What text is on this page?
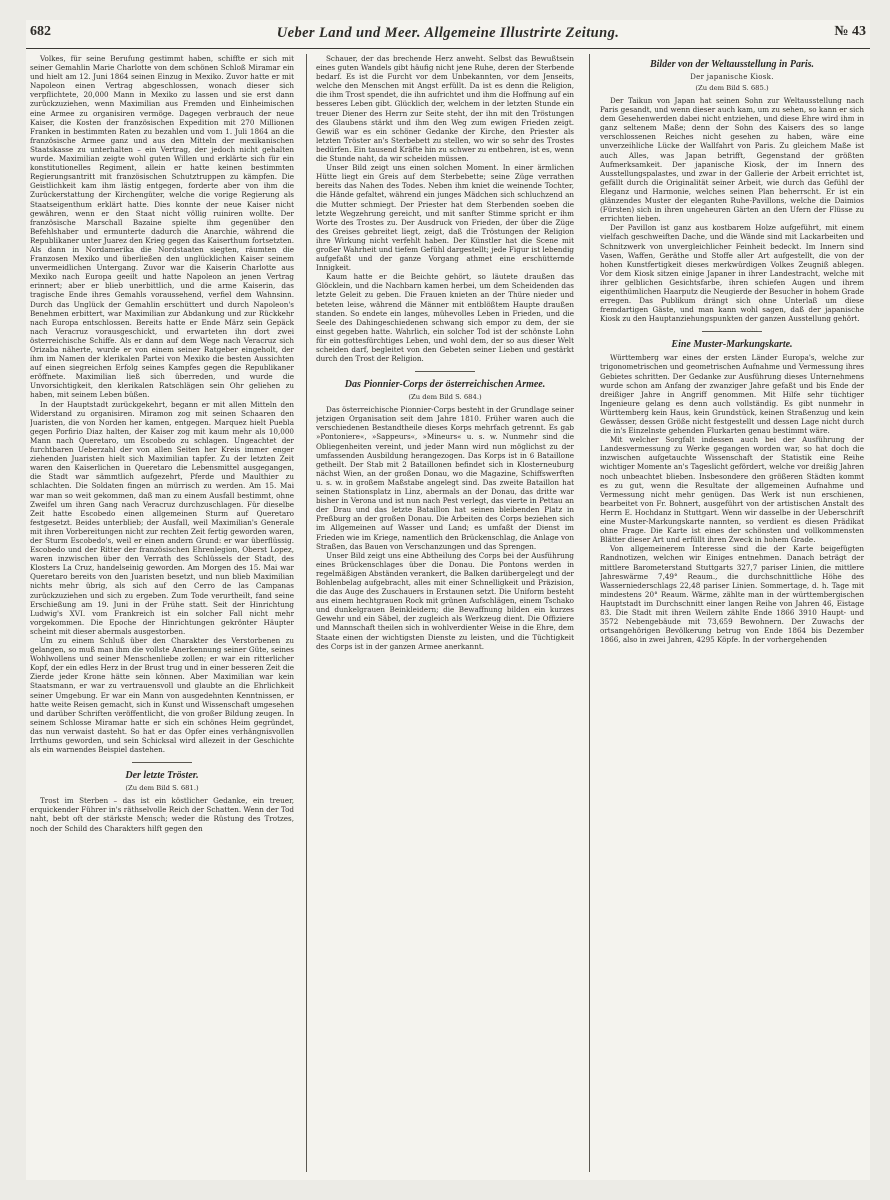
682	Ueber Land und Meer. Allgemeine Illustrirte Zeitung.	№ 43

Volkes, für seine Berufung gestimmt haben, schiffte er sich mit seiner Gemahlin Marie Charlotte von dem schönen Schloß Miramar ein und hielt am 12. Juni 1864 seinen Einzug in Mexiko. Zuvor hatte er mit Napoleon einen Vertrag abgeschlossen, wonach dieser sich verpflichtete, 20,000 Mann in Mexiko zu lassen und sie erst dann zurückzuziehen, wenn Maximilian aus Fremden und Einheimischen eine Armee zu organisiren vermöge. Dagegen verbrauch der neue Kaiser, die Kosten der französischen Expedition mit 270 Millionen Franken in bestimmten Raten zu bezahlen und vom 1. Juli 1864 an die französische Armee ganz und aus den Mitteln der mexikanischen Staatskasse zu unterhalten – ein Vertrag, der jedoch nicht gehalten wurde. Maximilian zeigte wohl guten Willen und erklärte sich für ein konstitutionelles Regiment, allein er hatte keinen bestimmten Regierungsantritt mit französischen Schutztruppen zu kämpfen. Die Geistlichkeit kam ihm lästig entgegen, forderte aber von ihm die Zurückerstattung der Kirchengüter, welche die vorige Regierung als Staatseigenthum erklärt hatte. Dies konnte der neue Kaiser nicht gewähren, wenn er den Staat nicht völlig ruiniren wollte. Der französische Marschall Bazaine spielte ihm gegenüber den Befehlshaber und ermunterte dadurch die Anarchie, während die Republikaner unter Juarez den Krieg gegen das Kaiserthum fortsetzten. Als dann in Nordamerika die Nordstaaten siegten, räumten die Franzosen Mexiko und überließen den unglücklichen Kaiser seinem unvermeidlichen Untergang. Zuvor war die Kaiserin Charlotte aus Mexiko nach Europa geeilt und hatte Napoleon an jenen Vertrag erinnert; aber er blieb unerbittlich, und die arme Kaiserin, das tragische Ende ihres Gemahls voraussehend, verfiel dem Wahnsinn. Durch das Unglück der Gemahlin erschüttert und durch Napoleon's Benehmen erbittert, war Maximilian zur Abdankung und zur Rückkehr nach Europa entschlossen. Bereits hatte er Ende März sein Gepäck nach Veracruz vorausgeschickt, und erwarteten ihn dort zwei österreichische Schiffe. Als er dann auf dem Wege nach Veracruz sich Orizaba näherte, wurde er von einem seiner Ratgeber eingeholt, der ihm im Namen der klerikalen Partei von Mexiko die besten Aussichten auf einen siegreichen Erfolg seines Kampfes gegen die Republikaner eröffnete. Maximilian ließ sich überreden, und wurde die Unvorsichtigkeit, den klerikalen Ratschlägen sein Ohr geliehen zu haben, mit seinem Leben büßen.

In der Hauptstadt zurückgekehrt, begann er mit allen Mitteln den Widerstand zu organisiren. Miramon zog mit seinen Schaaren den Juaristen, die von Norden her kamen, entgegen. Marquez hielt Puebla gegen Porfirio Diaz halten, der Kaiser zog mit kaum mehr als 10,000 Mann nach Queretaro, um Escobedo zu schlagen. Ungeachtet der furchtbaren Ueberzahl der von allen Seiten her Kreis immer enger ziehenden Juaristen hielt sich Maximilian tapfer. Zu der letzten Zeit waren den Kaiserlichen in Queretaro die Lebensmittel ausgegangen, die Stadt war sämmtlich aufgezehrt, Pferde und Maulthier zu schlachten. Die Soldaten fingen an mürrisch zu werden. Am 15. Mai war man so weit gekommen, daß man zu einem Ausfall bestimmt, ohne Zweifel um ihren Gang nach Veracruz durchzuschlagen. Für dieselbe Zeit hatte Escobedo einen allgemeinen Sturm auf Queretaro festgesetzt. Beides unterblieb; der Ausfall, weil Maximilian's Generale mit ihren Vorbereitungen nicht zur rechten Zeit fertig geworden waren, der Sturm Escobedo's, weil er einen andern Grund: er war überflüssig. Escobedo und der Ritter der französischen Ehrenlegion, Oberst Lopez, waren inzwischen über den Verrath des Schlüssels der Stadt, des Klosters La Cruz, handelseinig geworden. Am Morgen des 15. Mai war Queretaro bereits von den Juaristen besetzt, und nun blieb Maximilian nichts mehr übrig, als sich auf den Cerro de las Campanas zurückzuziehen und sich zu ergeben. Zum Tode verurtheilt, fand seine Erschießung am 19. Juni in der Frühe statt. Seit der Hinrichtung Ludwig's XVI. vom Frankreich ist ein solcher Fall nicht mehr vorgekommen. Die Epoche der Hinrichtungen gekrönter Häupter scheint mit dieser abermals ausgestorben.

Um zu einem Schluß über den Charakter des Verstorbenen zu gelangen, so muß man ihm die vollste Anerkennung seiner Güte, seines Wohlwollens und seiner Menschenliebe zollen; er war ein ritterlicher Kopf, der ein edles Herz in der Brust trug und in einer besseren Zeit die Zierde jeder Krone hätte sein können. Aber Maximilian war kein Staatsmann, er war zu vertrauensvoll und glaubte an die Ehrlichkeit seiner Umgebung. Er war ein Mann von ausgedehnten Kenntnissen, er hatte weite Reisen gemacht, sich in Kunst und Wissenschaft umgesehen und darüber Schriften veröffentlicht, die von großer Bildung zeugen. In seinem Schlosse Miramar hatte er sich ein schönes Heim gegründet, das nun verwaist dasteht. So hat er das Opfer eines verhängnisvollen Irrthums geworden, und sein Schicksal wird allezeit in der Geschichte als ein warnendes Beispiel dastehen.

Der letzte Tröster.
(Zu dem Bild S. 681.)

Trost im Sterben – das ist ein köstlicher Gedanke, ein treuer, erquickender Führer in's räthselvolle Reich der Schatten. Wenn der Tod naht, bebt oft der stärkste Mensch; weder die Rüstung des Trotzes, noch der Schild des Charakters hilft gegen den

Schauer, der das brechende Herz anweht. Selbst das Bewußtsein eines guten Wandels gibt häufig nicht jene Ruhe, deren der Sterbende bedarf. Es ist die Furcht vor dem Unbekannten, vor dem Jenseits, welche den Menschen mit Angst erfüllt. Da ist es denn die Religion, die ihm Trost spendet, die ihn aufrichtet und ihm die Hoffnung auf ein besseres Leben gibt. Glücklich der, welchem in der letzten Stunde ein treuer Diener des Herrn zur Seite steht, der ihn mit den Tröstungen des Glaubens stärkt und ihm den Weg zum ewigen Frieden zeigt. Gewiß war es ein schöner Gedanke der Kirche, den Priester als letzten Tröster an's Sterbebett zu stellen, wo wir so sehr des Trostes bedürfen. Ein tausend Kräfte hin zu schwer zu entbehren, ist es, wenn die Stunde naht, da wir scheiden müssen.

Unser Bild zeigt uns einen solchen Moment. In einer ärmlichen Hütte liegt ein Greis auf dem Sterbebette; seine Züge verrathen bereits das Nahen des Todes. Neben ihm kniet die weinende Tochter, die Hände gefaltet, während ein junges Mädchen sich schluchzend an die Mutter schmiegt. Der Priester hat dem Sterbenden soeben die letzte Wegzehrung gereicht, und mit sanfter Stimme spricht er ihm Worte des Trostes zu. Der Ausdruck von Frieden, der über die Züge des Greises gebreitet liegt, zeigt, daß die Tröstungen der Religion ihre Wirkung nicht verfehlt haben. Der Künstler hat die Scene mit großer Wahrheit und tiefem Gefühl dargestellt; jede Figur ist lebendig aufgefaßt und der ganze Vorgang athmet eine erschütternde Innigkeit.

Kaum hatte er die Beichte gehört, so läutete draußen das Glöcklein, und die Nachbarn kamen herbei, um dem Scheidenden das letzte Geleit zu geben. Die Frauen knieten an der Thüre nieder und beteten leise, während die Männer mit entblößtem Haupte draußen standen. So endete ein langes, mühevolles Leben in Frieden, und die Seele des Dahingeschiedenen schwang sich empor zu dem, der sie einst gegeben hatte. Wahrlich, ein solcher Tod ist der schönste Lohn für ein gottesfürchtiges Leben, und wohl dem, der so aus dieser Welt scheiden darf, begleitet von den Gebeten seiner Lieben und gestärkt durch den Trost der Religion.

Das Pionnier-Corps der österreichischen Armee.
(Zu dem Bild S. 684.)

Das österreichische Pionnier-Corps besteht in der Grundlage seiner jetzigen Organisation seit dem Jahre 1810. Früher waren auch die verschiedenen Bestandtheile dieses Korps mehrfach getrennt. Es gab »Pontoniere«, »Sappeurs«, »Mineurs« u. s. w. Nunmehr sind die Obliegenheiten vereint, und jeder Mann wird nun möglichst zu der umfassenden Ausbildung herangezogen. Das Korps ist in 6 Bataillone getheilt. Der Stab mit 2 Bataillonen befindet sich in Klosterneuburg nächst Wien, an der großen Donau, wo die Magazine, Schiffswerften u. s. w. in großem Maßstabe angelegt sind. Das zweite Bataillon hat seinen Stationsplatz in Linz, abermals an der Donau, das dritte war bisher in Verona und ist nun nach Pest verlegt, das vierte in Pettau an der Drau und das letzte Bataillon hat seinen bleibenden Platz in Preßburg an der großen Donau. Die Arbeiten des Corps beziehen sich im Allgemeinen auf Wasser und Land; es umfaßt der Dienst im Frieden wie im Kriege, namentlich den Brückenschlag, die Anlage von Straßen, das Bauen von Verschanzungen und das Sprengen.

Unser Bild zeigt uns eine Abtheilung des Corps bei der Ausführung eines Brückenschlages über die Donau. Die Pontons werden in regelmäßigen Abständen verankert, die Balken darübergelegt und der Bohlenbelag aufgebracht, alles mit einer Schnelligkeit und Präzision, die das Auge des Zuschauers in Erstaunen setzt. Die Uniform besteht aus einem hechtgrauen Rock mit grünen Aufschlägen, einem Tschako und dunkelgrauen Beinkleidern; die Bewaffnung bilden ein kurzes Gewehr und ein Säbel, der zugleich als Werkzeug dient. Die Offiziere und Mannschaft theilen sich in wohlverdienter Weise in die Ehre, dem Staate einen der wichtigsten Dienste zu leisten, und die Tüchtigkeit des Corps ist in der ganzen Armee anerkannt.

Bilder von der Weltausstellung in Paris.
Der japanische Kiosk.
(Zu dem Bild S. 685.)

Der Taikun von Japan hat seinen Sohn zur Weltausstellung nach Paris gesandt, und wenn dieser auch kam, um zu sehen, so kann er sich dem Gesehenwerden dabei nicht entziehen, und diese Ehre wird ihm in ganz seltenem Maße; denn der Sohn des Kaisers des so lange verschlossenen Reiches nicht gesehen zu haben, wäre eine unverzeihliche Lücke der Wallfahrt von Paris. Zu gleichem Maße ist auch Alles, was Japan betrifft, Gegenstand der größten Aufmerksamkeit. Der japanische Kiosk, der im Innern des Ausstellungspalastes, und zwar in der Gallerie der Arbeit errichtet ist, gefällt durch die Originalität seiner Arbeit, wie durch das Gefühl der Eleganz und Harmonie, welches seinen Plan beherrscht. Er ist ein glänzendes Muster der eleganten Ruhe-Pavillons, welche die Daimios (Fürsten) sich in ihren ungeheuren Gärten an den Ufern der Flüsse zu errichten lieben.

Der Pavillon ist ganz aus kostbarem Holze aufgeführt, mit einem vielfach geschweiften Dache, und die Wände sind mit Lackarbeiten und Schnitzwerk von unvergleichlicher Feinheit bedeckt. Im Innern sind Vasen, Waffen, Geräthe und Stoffe aller Art aufgestellt, die von der hohen Kunstfertigkeit dieses merkwürdigen Volkes Zeugniß ablegen. Vor dem Kiosk sitzen einige Japaner in ihrer Landestracht, welche mit ihrer gelblichen Gesichtsfarbe, ihren schiefen Augen und ihrem eigenthümlichen Haarputz die Neugierde der Besucher in hohem Grade erregen. Das Publikum drängt sich ohne Unterlaß um diese fremdartigen Gäste, und man kann wohl sagen, daß der japanische Kiosk zu den Hauptanziehungspunkten der ganzen Ausstellung gehört.

Eine Muster-Markungskarte.

Württemberg war eines der ersten Länder Europa's, welche zur trigonometrischen und geometrischen Aufnahme und Vermessung ihres Gebietes schritten. Der Gedanke zur Ausführung dieses Unternehmens wurde schon am Anfang der zwanziger Jahre gefaßt und bis Ende der dreißiger Jahre in Angriff genommen. Mit Hilfe sehr tüchtiger Ingenieure gelang es denn auch vollständig. Es gibt nunmehr in Württemberg kein Haus, kein Grundstück, keinen Straßenzug und kein Gewässer, dessen Größe nicht festgestellt und dessen Lage nicht durch die in's Einzelnste gehenden Flurkarten genau bestimmt wäre.

Mit welcher Sorgfalt indessen auch bei der Ausführung der Landesvermessung zu Werke gegangen worden war, so hat doch die inzwischen aufgetauchte Wissenschaft der Statistik eine Reihe wichtiger Momente an's Tageslicht gefördert, welche vor dreißig Jahren noch unbeachtet blieben. Insbesondere den größeren Städten kommt es zu gut, wenn die Resultate der allgemeinen Aufnahme und Vermessung nicht mehr genügen. Das Werk ist nun erschienen, bearbeitet von Fr. Bohnert, ausgeführt von der artistischen Anstalt des Herrn E. Hochdanz in Stuttgart. Wenn wir dasselbe in der Ueberschrift eine Muster-Markungskarte nannten, so verdient es diesen Prädikat ohne Frage. Die Karte ist eines der schönsten und vollkommensten Blätter dieser Art und erfüllt ihren Zweck in hohem Grade.

Von allgemeinerem Interesse sind die der Karte beigefügten Randnotizen, welchen wir Einiges entnehmen. Danach beträgt der mittlere Barometerstand Stuttgarts 327,7 pariser Linien, die mittlere Jahreswärme 7,49° Reaum., die durchschnittliche Höhe des Wasserniederschlags 22,48 pariser Linien. Sommertage, d. h. Tage mit mindestens 20° Reaum. Wärme, zählte man in der württembergischen Hauptstadt im Durchschnitt einer langen Reihe von Jahren 46, Eistage 83. Die Stadt mit ihren Weilern zählte Ende 1866 3910 Haupt- und 3572 Nebengebäude mit 73,659 Bewohnern. Der Zuwachs der ortsangehörigen Bevölkerung betrug von Ende 1864 bis Dezember 1866, also in zwei Jahren, 4295 Köpfe. In der vorhergehenden
